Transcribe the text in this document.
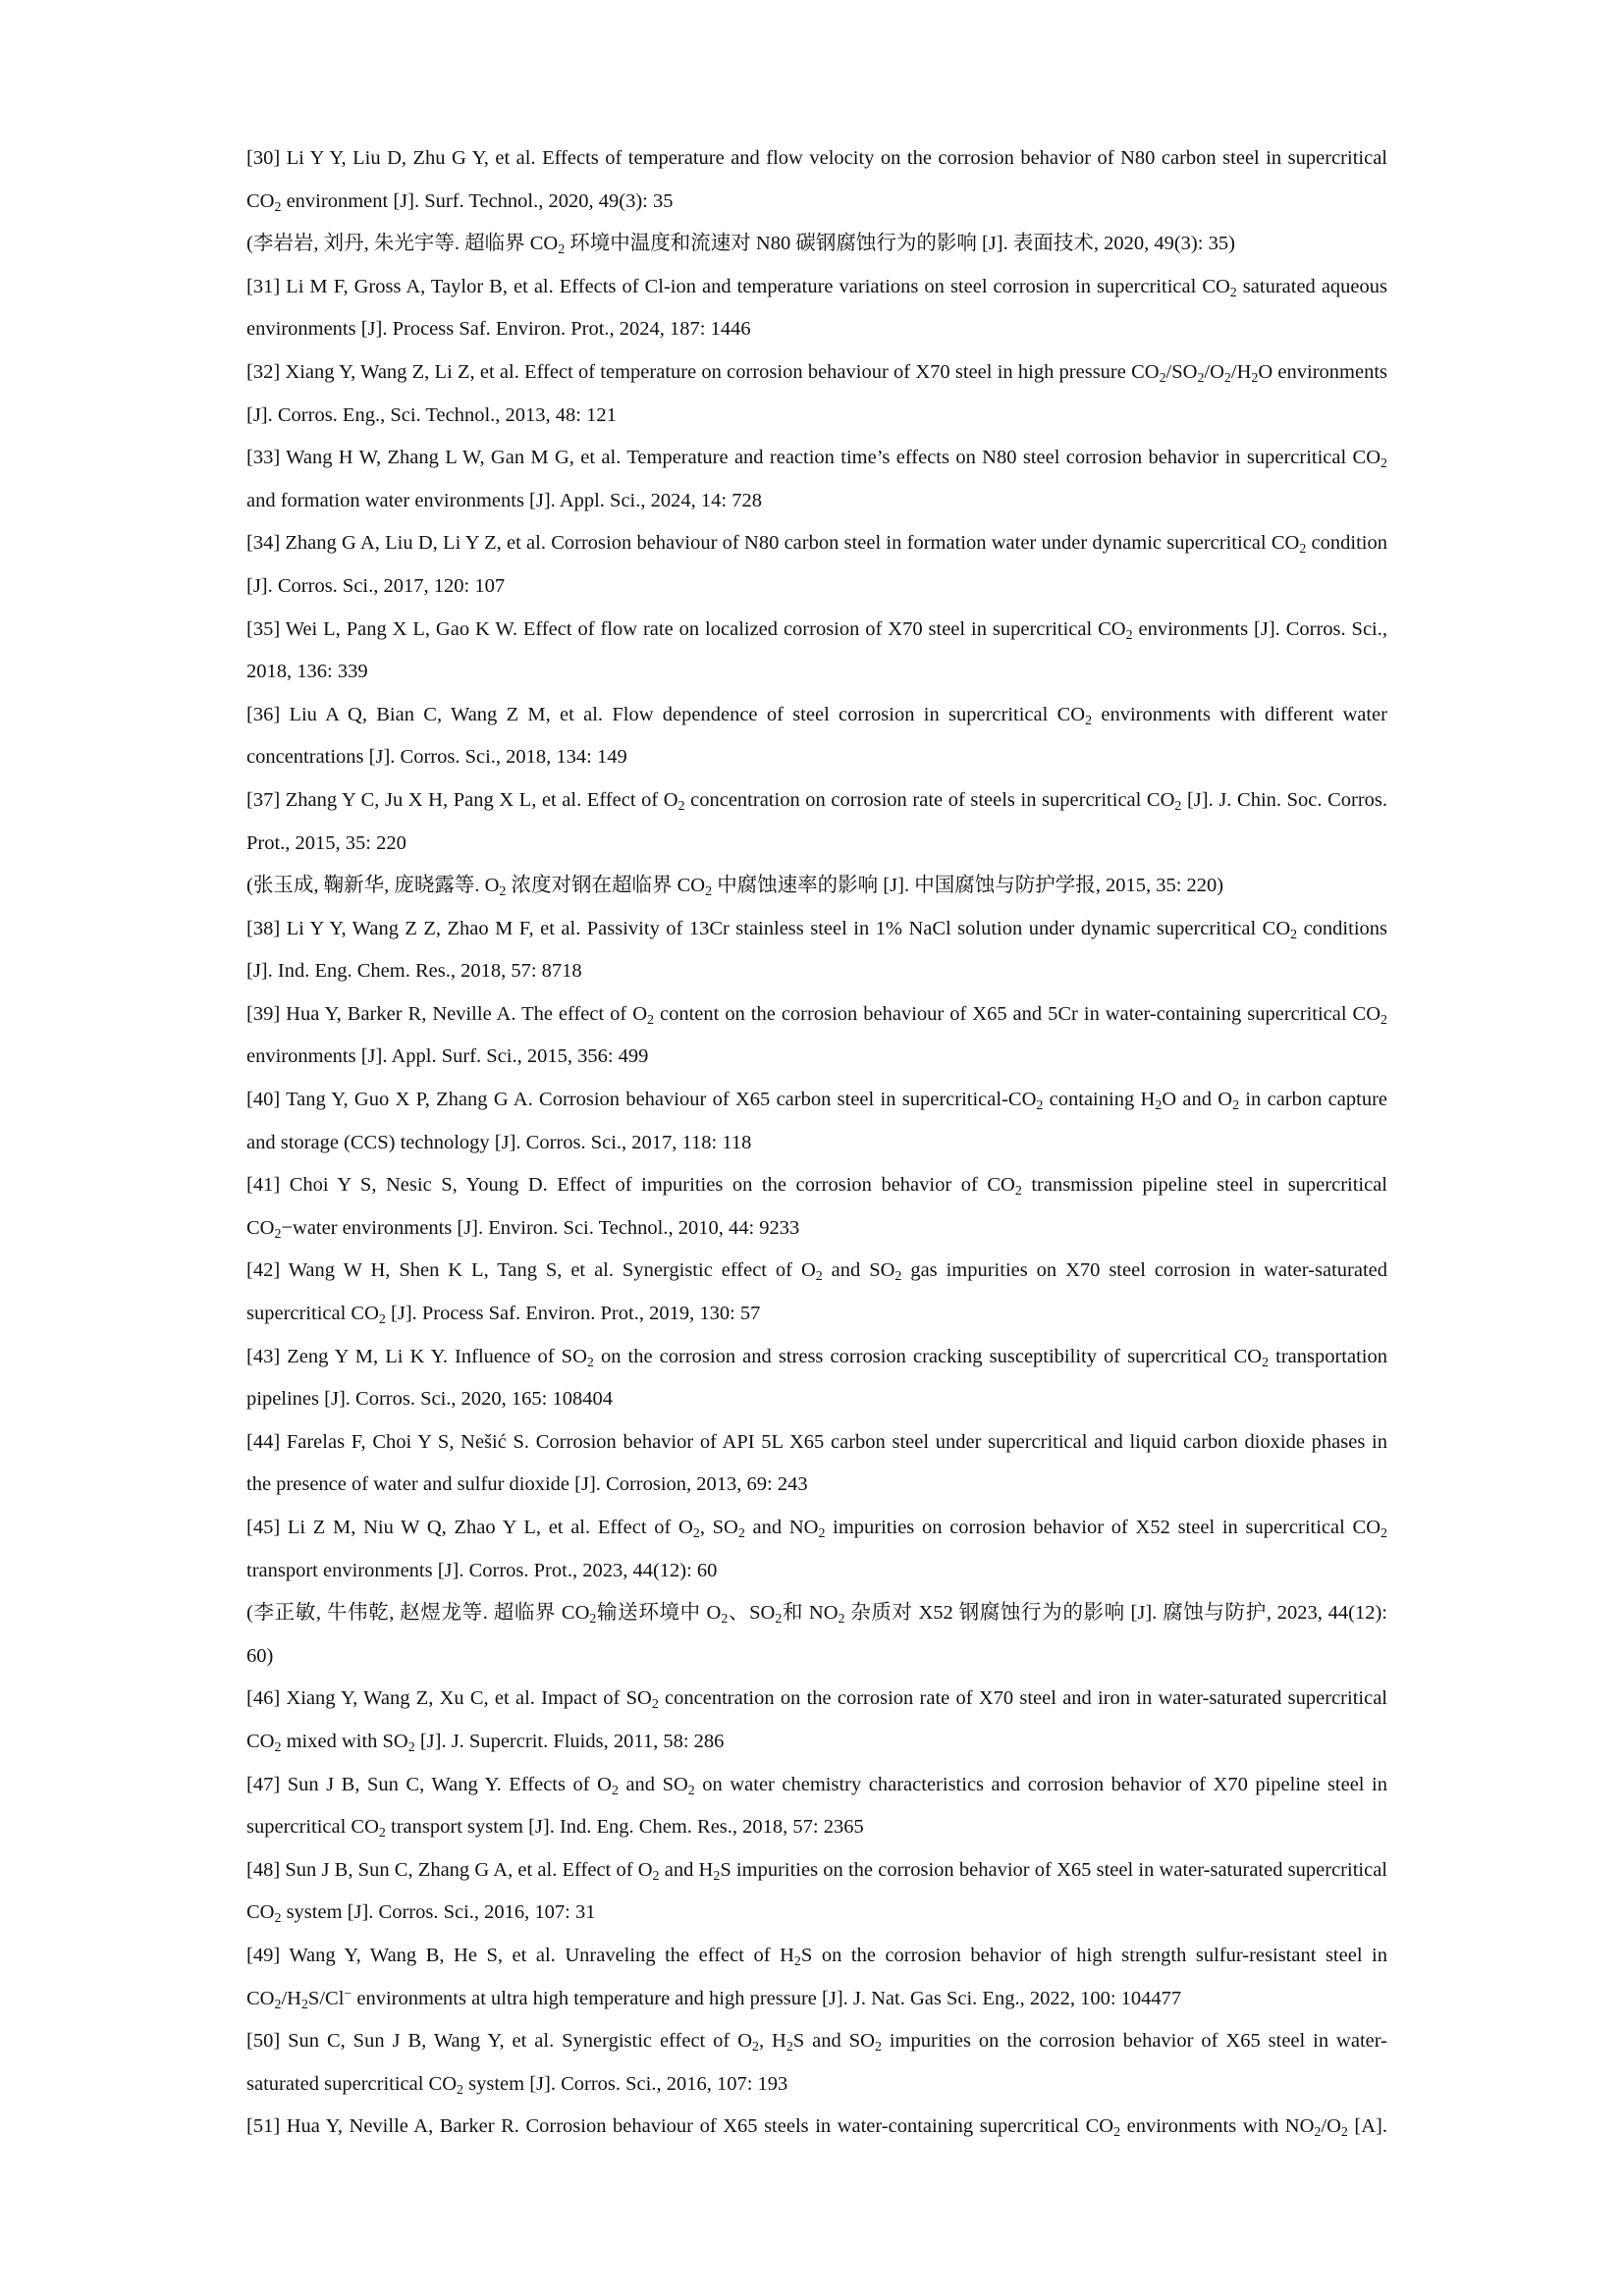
[30] Li Y Y, Liu D, Zhu G Y, et al. Effects of temperature and flow velocity on the corrosion behavior of N80 carbon steel in supercritical
$CO_2$ environment [J]. Surf. Technol., 2020, 49(3): 35
(李岩岩, 刘丹, 朱光宇等. 超临界 $CO_2$ 环境中温度和流速对 N80 碳钢腐蚀行为的影响 [J]. 表面技术, 2020, 49(3): 35)
[31] Li M F, Gross A, Taylor B, et al. Effects of Cl-ion and temperature variations on steel corrosion in supercritical $CO_2$ saturated aqueous
environments [J]. Process Saf. Environ. Prot., 2024, 187: 1446
[32] Xiang Y, Wang Z, Li Z, et al. Effect of temperature on corrosion behaviour of X70 steel in high pressure $CO_2/SO_2/O_2/H_2O$ environments
[J]. Corros. Eng., Sci. Technol., 2013, 48: 121
[33] Wang H W, Zhang L W, Gan M G, et al. Temperature and reaction time’s effects on N80 steel corrosion behavior in supercritical $CO_2$
and formation water environments [J]. Appl. Sci., 2024, 14: 728
[34] Zhang G A, Liu D, Li Y Z, et al. Corrosion behaviour of N80 carbon steel in formation water under dynamic supercritical $CO_2$ condition
[J]. Corros. Sci., 2017, 120: 107
[35] Wei L, Pang X L, Gao K W. Effect of flow rate on localized corrosion of X70 steel in supercritical $CO_2$ environments [J]. Corros. Sci.,
2018, 136: 339
[36] Liu A Q, Bian C, Wang Z M, et al. Flow dependence of steel corrosion in supercritical $CO_2$ environments with different water
concentrations [J]. Corros. Sci., 2018, 134: 149
[37] Zhang Y C, Ju X H, Pang X L, et al. Effect of $O_2$ concentration on corrosion rate of steels in supercritical $CO_2$ [J]. J. Chin. Soc. Corros.
Prot., 2015, 35: 220
(张玉成, 鞠新华, 庞晓露等. $O_2$ 浓度对钢在超临界 $CO_2$ 中腐蚀速率的影响 [J]. 中国腐蚀与防护学报, 2015, 35: 220)
[38] Li Y Y, Wang Z Z, Zhao M F, et al. Passivity of 13Cr stainless steel in 1% NaCl solution under dynamic supercritical $CO_2$ conditions
[J]. Ind. Eng. Chem. Res., 2018, 57: 8718
[39] Hua Y, Barker R, Neville A. The effect of $O_2$ content on the corrosion behaviour of X65 and 5Cr in water-containing supercritical $CO_2$
environments [J]. Appl. Surf. Sci., 2015, 356: 499
[40] Tang Y, Guo X P, Zhang G A. Corrosion behaviour of X65 carbon steel in supercritical-$CO_2$ containing $H_2O$ and $O_2$ in carbon capture
and storage (CCS) technology [J]. Corros. Sci., 2017, 118: 118
[41] Choi Y S, Nesic S, Young D. Effect of impurities on the corrosion behavior of $CO_2$ transmission pipeline steel in supercritical
$CO_2-water$ environments [J]. Environ. Sci. Technol., 2010, 44: 9233
[42] Wang W H, Shen K L, Tang S, et al. Synergistic effect of $O_2$ and $SO_2$ gas impurities on X70 steel corrosion in water-saturated
supercritical $CO_2$ [J]. Process Saf. Environ. Prot., 2019, 130: 57
[43] Zeng Y M, Li K Y. Influence of $SO_2$ on the corrosion and stress corrosion cracking susceptibility of supercritical $CO_2$ transportation
pipelines [J]. Corros. Sci., 2020, 165: 108404
[44] Farelas F, Choi Y S, Nešić S. Corrosion behavior of API 5L X65 carbon steel under supercritical and liquid carbon dioxide phases in
the presence of water and sulfur dioxide [J]. Corrosion, 2013, 69: 243
[45] Li Z M, Niu W Q, Zhao Y L, et al. Effect of $O_2$, $SO_2$ and $NO_2$ impurities on corrosion behavior of X52 steel in supercritical $CO_2$
transport environments [J]. Corros. Prot., 2023, 44(12): 60
(李正敏, 牛伟乾, 赵煜龙等. 超临界 $CO_2$输送环境中 $O_2$、$SO_2$和 $NO_2$ 杂质对 X52 钢腐蚀行为的影响 [J]. 腐蚀与防护, 2023, 44(12):
60)
[46] Xiang Y, Wang Z, Xu C, et al. Impact of $SO_2$ concentration on the corrosion rate of X70 steel and iron in water-saturated supercritical
$CO_2$ mixed with $SO_2$ [J]. J. Supercrit. Fluids, 2011, 58: 286
[47] Sun J B, Sun C, Wang Y. Effects of $O_2$ and $SO_2$ on water chemistry characteristics and corrosion behavior of X70 pipeline steel in
supercritical $CO_2$ transport system [J]. Ind. Eng. Chem. Res., 2018, 57: 2365
[48] Sun J B, Sun C, Zhang G A, et al. Effect of $O_2$ and $H_2S$ impurities on the corrosion behavior of X65 steel in water-saturated supercritical
$CO_2$ system [J]. Corros. Sci., 2016, 107: 31
[49] Wang Y, Wang B, He S, et al. Unraveling the effect of $H_2S$ on the corrosion behavior of high strength sulfur-resistant steel in
$CO_2/H_2S/Cl^-$ environments at ultra high temperature and high pressure [J]. J. Nat. Gas Sci. Eng., 2022, 100: 104477
[50] Sun C, Sun J B, Wang Y, et al. Synergistic effect of $O_2$, $H_2S$ and $SO_2$ impurities on the corrosion behavior of X65 steel in water-
saturated supercritical $CO_2$ system [J]. Corros. Sci., 2016, 107: 193
[51] Hua Y, Neville A, Barker R. Corrosion behaviour of X65 steels in water-containing supercritical $CO_2$ environments with $NO_2/O_2$ [A].
